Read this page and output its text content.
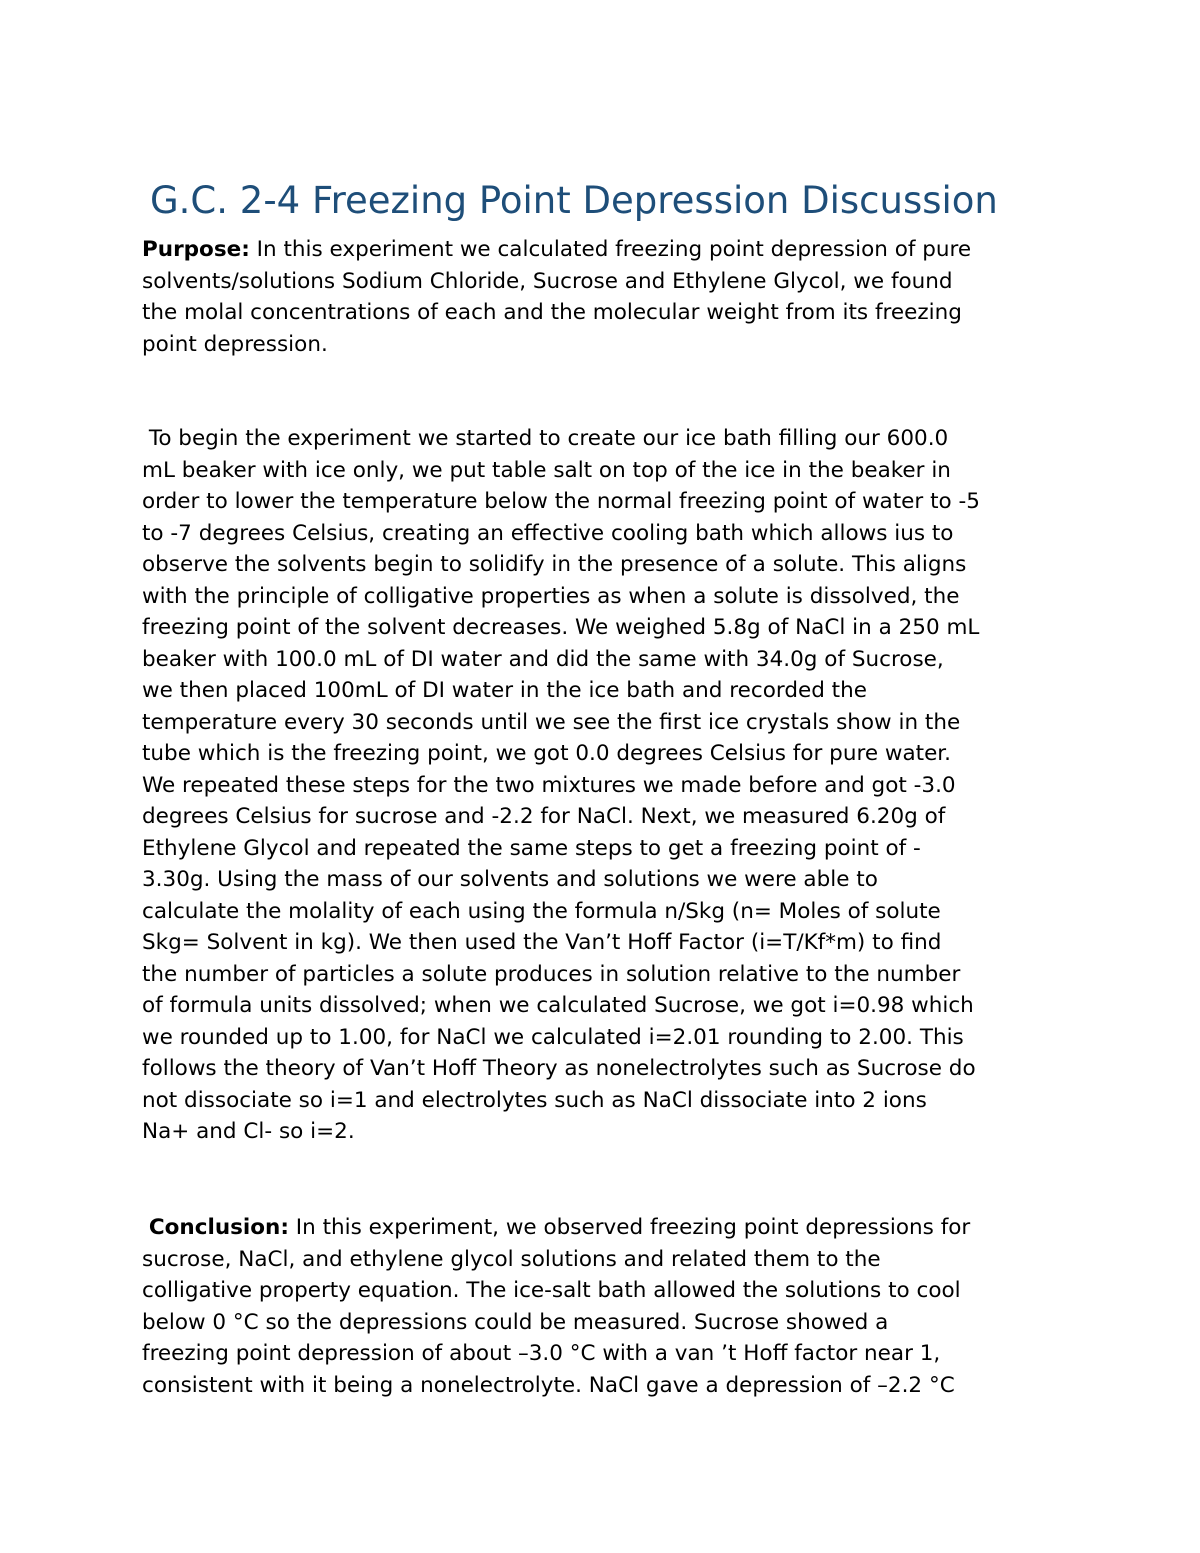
G.C. 2-4 Freezing Point Depression Discussion
Purpose: In this experiment we calculated freezing point depression of pure
solvents/solutions Sodium Chloride, Sucrose and Ethylene Glycol, we found
the molal concentrations of each and the molecular weight from its freezing
point depression.
To begin the experiment we started to create our ice bath filling our 600.0
mL beaker with ice only, we put table salt on top of the ice in the beaker in
order to lower the temperature below the normal freezing point of water to -5
to -7 degrees Celsius, creating an effective cooling bath which allows ius to
observe the solvents begin to solidify in the presence of a solute. This aligns
with the principle of colligative properties as when a solute is dissolved, the
freezing point of the solvent decreases. We weighed 5.8g of NaCl in a 250 mL
beaker with 100.0 mL of DI water and did the same with 34.0g of Sucrose,
we then placed 100mL of DI water in the ice bath and recorded the
temperature every 30 seconds until we see the first ice crystals show in the
tube which is the freezing point, we got 0.0 degrees Celsius for pure water.
We repeated these steps for the two mixtures we made before and got -3.0
degrees Celsius for sucrose and -2.2 for NaCl. Next, we measured 6.20g of
Ethylene Glycol and repeated the same steps to get a freezing point of -
3.30g. Using the mass of our solvents and solutions we were able to
calculate the molality of each using the formula n/Skg (n= Moles of solute
Skg= Solvent in kg). We then used the Van’t Hoff Factor (i=T/Kf*m) to find
the number of particles a solute produces in solution relative to the number
of formula units dissolved; when we calculated Sucrose, we got i=0.98 which
we rounded up to 1.00, for NaCl we calculated i=2.01 rounding to 2.00. This
follows the theory of Van’t Hoff Theory as nonelectrolytes such as Sucrose do
not dissociate so i=1 and electrolytes such as NaCl dissociate into 2 ions
Na+ and Cl- so i=2.
Conclusion: In this experiment, we observed freezing point depressions for
sucrose, NaCl, and ethylene glycol solutions and related them to the
colligative property equation. The ice-salt bath allowed the solutions to cool
below 0 °C so the depressions could be measured. Sucrose showed a
freezing point depression of about –3.0 °C with a van ’t Hoff factor near 1,
consistent with it being a nonelectrolyte. NaCl gave a depression of –2.2 °C
